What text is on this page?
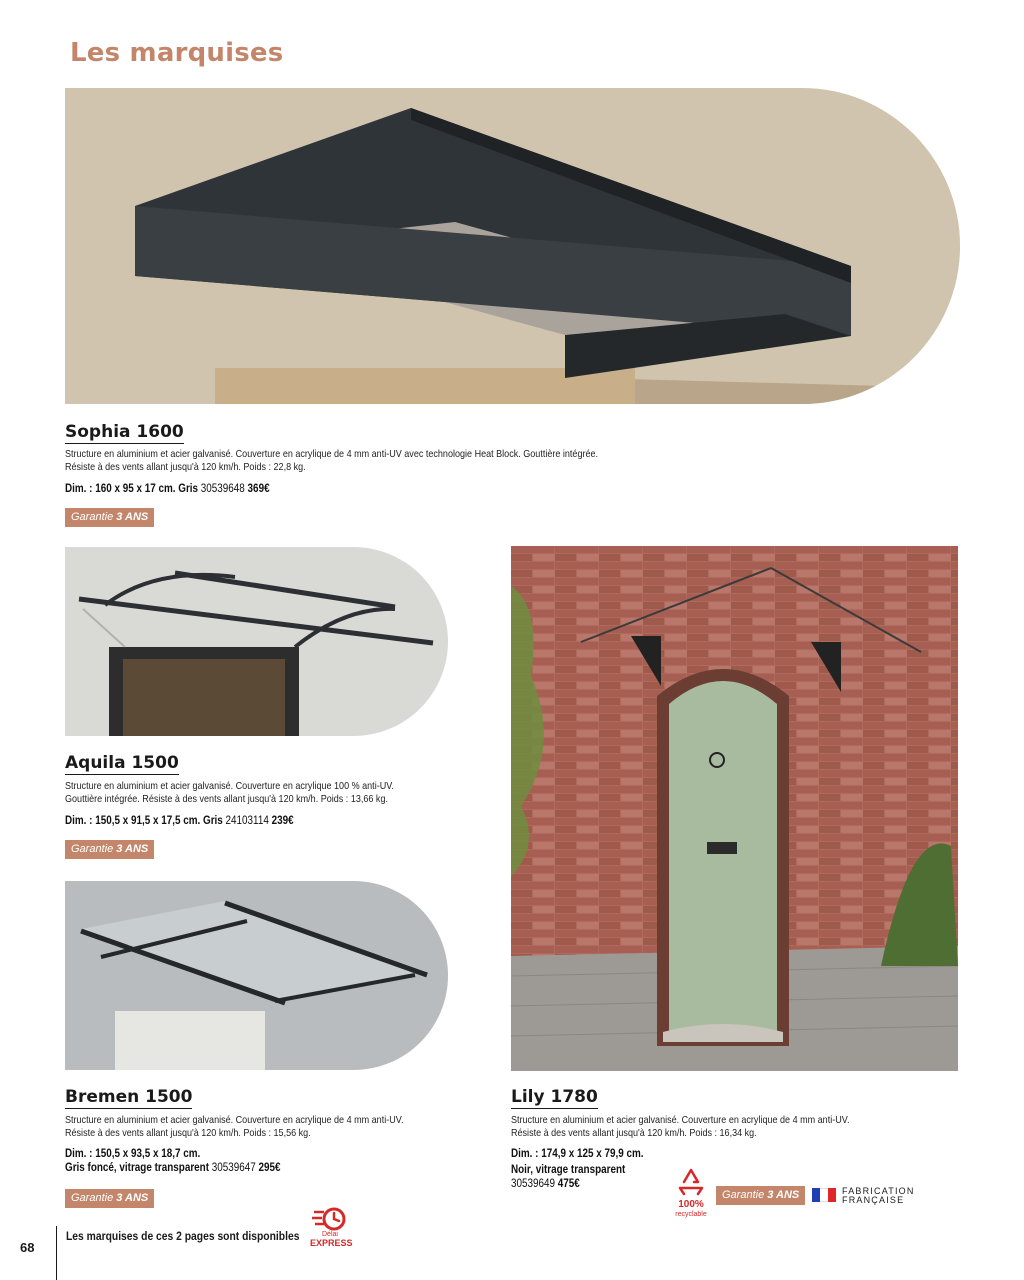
Les marquises
Sophia 1600
Structure en aluminium et acier galvanisé. Couverture en acrylique de 4 mm anti-UV avec technologie Heat Block. Gouttière intégrée.
Résiste à des vents allant jusqu'à 120 km/h. Poids : 22,8 kg.
Dim. : 160 x 95 x 17 cm. Gris 30539648 369€
Garantie 3 ANS
Aquila 1500
Structure en aluminium et acier galvanisé. Couverture en acrylique 100 % anti-UV.
Gouttière intégrée. Résiste à des vents allant jusqu'à 120 km/h. Poids : 13,66 kg.
Dim. : 150,5 x 91,5 x 17,5 cm. Gris 24103114 239€
Garantie 3 ANS
Bremen 1500
Structure en aluminium et acier galvanisé. Couverture en acrylique de 4 mm anti-UV.
Résiste à des vents allant jusqu'à 120 km/h. Poids : 15,56 kg.
Dim. : 150,5 x 93,5 x 18,7 cm.
Gris foncé, vitrage transparent 30539647 295€
Garantie 3 ANS
Lily 1780
Structure en aluminium et acier galvanisé. Couverture en acrylique de 4 mm anti-UV.
Résiste à des vents allant jusqu'à 120 km/h. Poids : 16,34 kg.
Dim. : 174,9 x 125 x 79,9 cm.
Noir, vitrage transparent
30539649 475€
100%
recyclable
Garantie 3 ANS	FABRICATION
FRANÇAISE
Délai
EXPRESS
68
Les marquises de ces 2 pages sont disponibles
